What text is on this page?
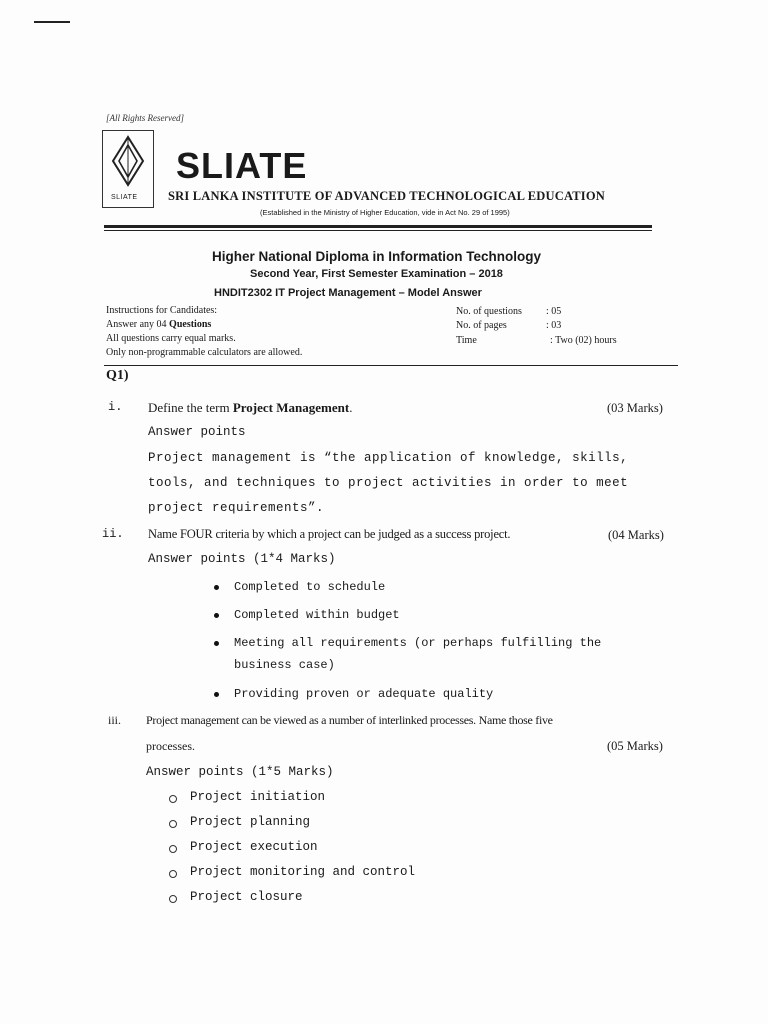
[All Rights Reserved]
SLIATE
SLIATE
SRI LANKA INSTITUTE OF ADVANCED TECHNOLOGICAL EDUCATION
(Established in the Ministry of Higher Education, vide in Act No. 29 of 1995)
Higher National Diploma in Information Technology
Second Year, First Semester Examination – 2018
HNDIT2302 IT Project Management – Model Answer
Instructions for Candidates:
Answer any 04 Questions
All questions carry equal marks.
Only non-programmable calculators are allowed.
No. of questions : 05
No. of pages	: 03
Time	: Two (02) hours
Q1)
i. Define the term Project Management.	(03 Marks)
Answer points
Project management is “the application of knowledge, skills,
tools, and techniques to project activities in order to meet
project requirements”.
ii. Name FOUR criteria by which a project can be judged as a success project.	(04 Marks)
Answer points (1*4 Marks)
Completed to schedule
Completed within budget
Meeting all requirements (or perhaps fulfilling the
business case)
Providing proven or adequate quality
iii. Project management can be viewed as a number of interlinked processes. Name those five
processes.	(05 Marks)
Answer points (1*5 Marks)
Project initiation
Project planning
Project execution
Project monitoring and control
Project closure
